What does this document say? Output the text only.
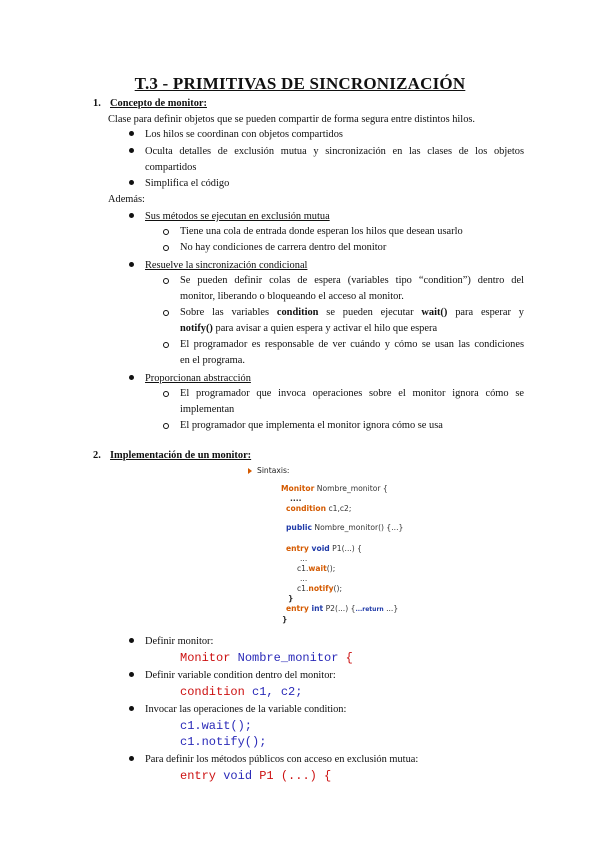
T.3 - PRIMITIVAS DE SINCRONIZACIÓN
1. Concepto de monitor:
Clase para definir objetos que se pueden compartir de forma segura entre distintos hilos.
Los hilos se coordinan con objetos compartidos
Oculta detalles de exclusión mutua y sincronización en las clases de los objetos
compartidos
Simplifica el código
Además:
Sus métodos se ejecutan en exclusión mutua
Tiene una cola de entrada donde esperan los hilos que desean usarlo
No hay condiciones de carrera dentro del monitor
Resuelve la sincronización condicional
Se pueden definir colas de espera (variables tipo “condition”) dentro del
monitor, liberando o bloqueando el acceso al monitor.
Sobre las variables condition se pueden ejecutar wait() para esperar y
notify() para avisar a quien espera y activar el hilo que espera
El programador es responsable de ver cuándo y cómo se usan las condiciones
en el programa.
Proporcionan abstracción
El programador que invoca operaciones sobre el monitor ignora cómo se
implementan
El programador que implementa el monitor ignora cómo se usa
2. Implementación de un monitor:
Sintaxis:
Monitor Nombre_monitor {
....
condition c1,c2;
public Nombre_monitor() {...}
entry void P1(...) {
...
c1.wait();
...
c1.notify();
}
entry int P2(...) {...return ...}
}
Definir monitor:
Monitor Nombre_monitor {
Definir variable condition dentro del monitor:
condition c1, c2;
Invocar las operaciones de la variable condition:
c1.wait();
c1.notify();
Para definir los métodos públicos con acceso en exclusión mutua:
entry void P1 (...) {
